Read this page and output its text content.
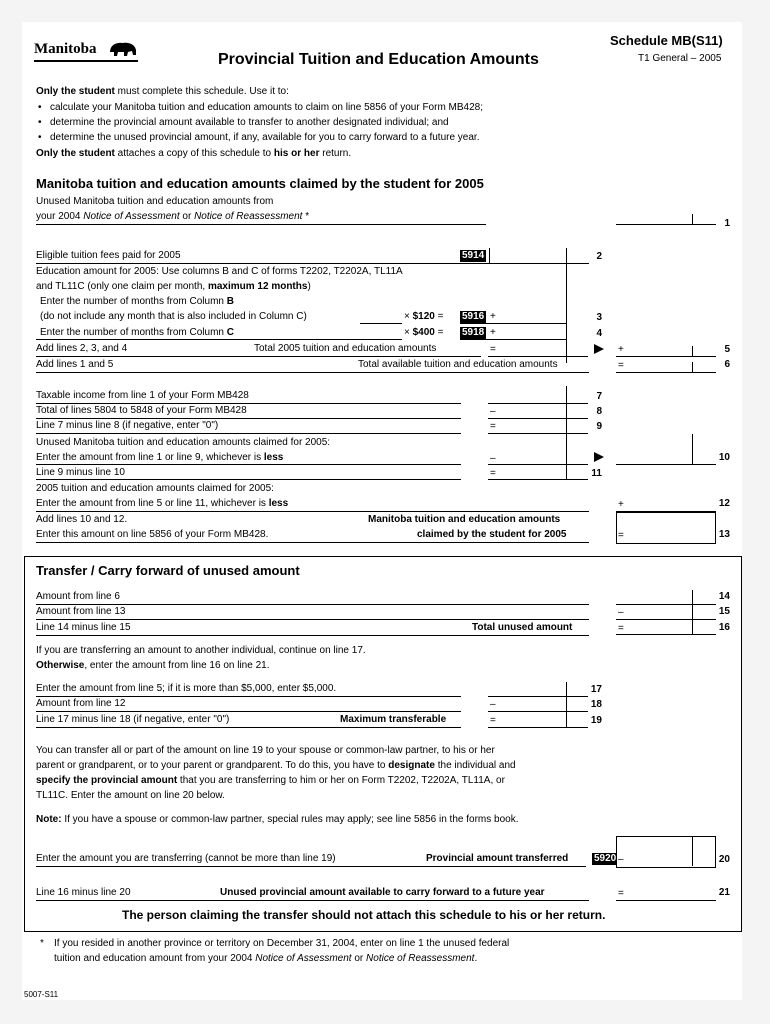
Manitoba
Provincial Tuition and Education Amounts
Schedule MB(S11)
T1 General – 2005
Only the student must complete this schedule. Use it to:
• calculate your Manitoba tuition and education amounts to claim on line 5856 of your Form MB428;
• determine the provincial amount available to transfer to another designated individual; and
• determine the unused provincial amount, if any, available for you to carry forward to a future year.
Only the student attaches a copy of this schedule to his or her return.
Manitoba tuition and education amounts claimed by the student for 2005
Unused Manitoba tuition and education amounts from
your 2004 Notice of Assessment or Notice of Reassessment *
1
Eligible tuition fees paid for 2005	5914	2
Education amount for 2005: Use columns B and C of forms T2202, T2202A, TL11A
and TL11C (only one claim per month, maximum 12 months)
Enter the number of months from Column B
(do not include any month that is also included in Column C)	× $120 = 5916 +	3
Enter the number of months from Column C	× $400 = 5918 +	4
Add lines 2, 3, and 4	Total 2005 tuition and education amounts	=	+	5
Add lines 1 and 5	Total available tuition and education amounts	=	6
Taxable income from line 1 of your Form MB428	7
Total of lines 5804 to 5848 of your Form MB428	–	8
Line 7 minus line 8 (if negative, enter "0")	=	9
Unused Manitoba tuition and education amounts claimed for 2005:
Enter the amount from line 1 or line 9, whichever is less	–	10
Line 9 minus line 10	=	11
2005 tuition and education amounts claimed for 2005:
Enter the amount from line 5 or line 11, whichever is less	+	12
Add lines 10 and 12.
Enter this amount on line 5856 of your Form MB428.
Manitoba tuition and education amounts
claimed by the student for 2005	=	13
Transfer / Carry forward of unused amount
Amount from line 6	14
Amount from line 13	–	15
Line 14 minus line 15	Total unused amount	=	16
If you are transferring an amount to another individual, continue on line 17.
Otherwise, enter the amount from line 16 on line 21.
Enter the amount from line 5; if it is more than $5,000, enter $5,000.	17
Amount from line 12	–	18
Line 17 minus line 18 (if negative, enter "0")	Maximum transferable	=	19
You can transfer all or part of the amount on line 19 to your spouse or common-law partner, to his or her
parent or grandparent, or to your parent or grandparent. To do this, you have to designate the individual and
specify the provincial amount that you are transferring to him or her on Form T2202, T2202A, TL11A, or
TL11C. Enter the amount on line 20 below.
Note: If you have a spouse or common-law partner, special rules may apply; see line 5856 in the forms book.
Enter the amount you are transferring (cannot be more than line 19)	Provincial amount transferred	5920 –	20
Line 16 minus line 20	Unused provincial amount available to carry forward to a future year	=	21
The person claiming the transfer should not attach this schedule to his or her return.
* If you resided in another province or territory on December 31, 2004, enter on line 1 the unused federal
tuition and education amount from your 2004 Notice of Assessment or Notice of Reassessment.
5007-S11
